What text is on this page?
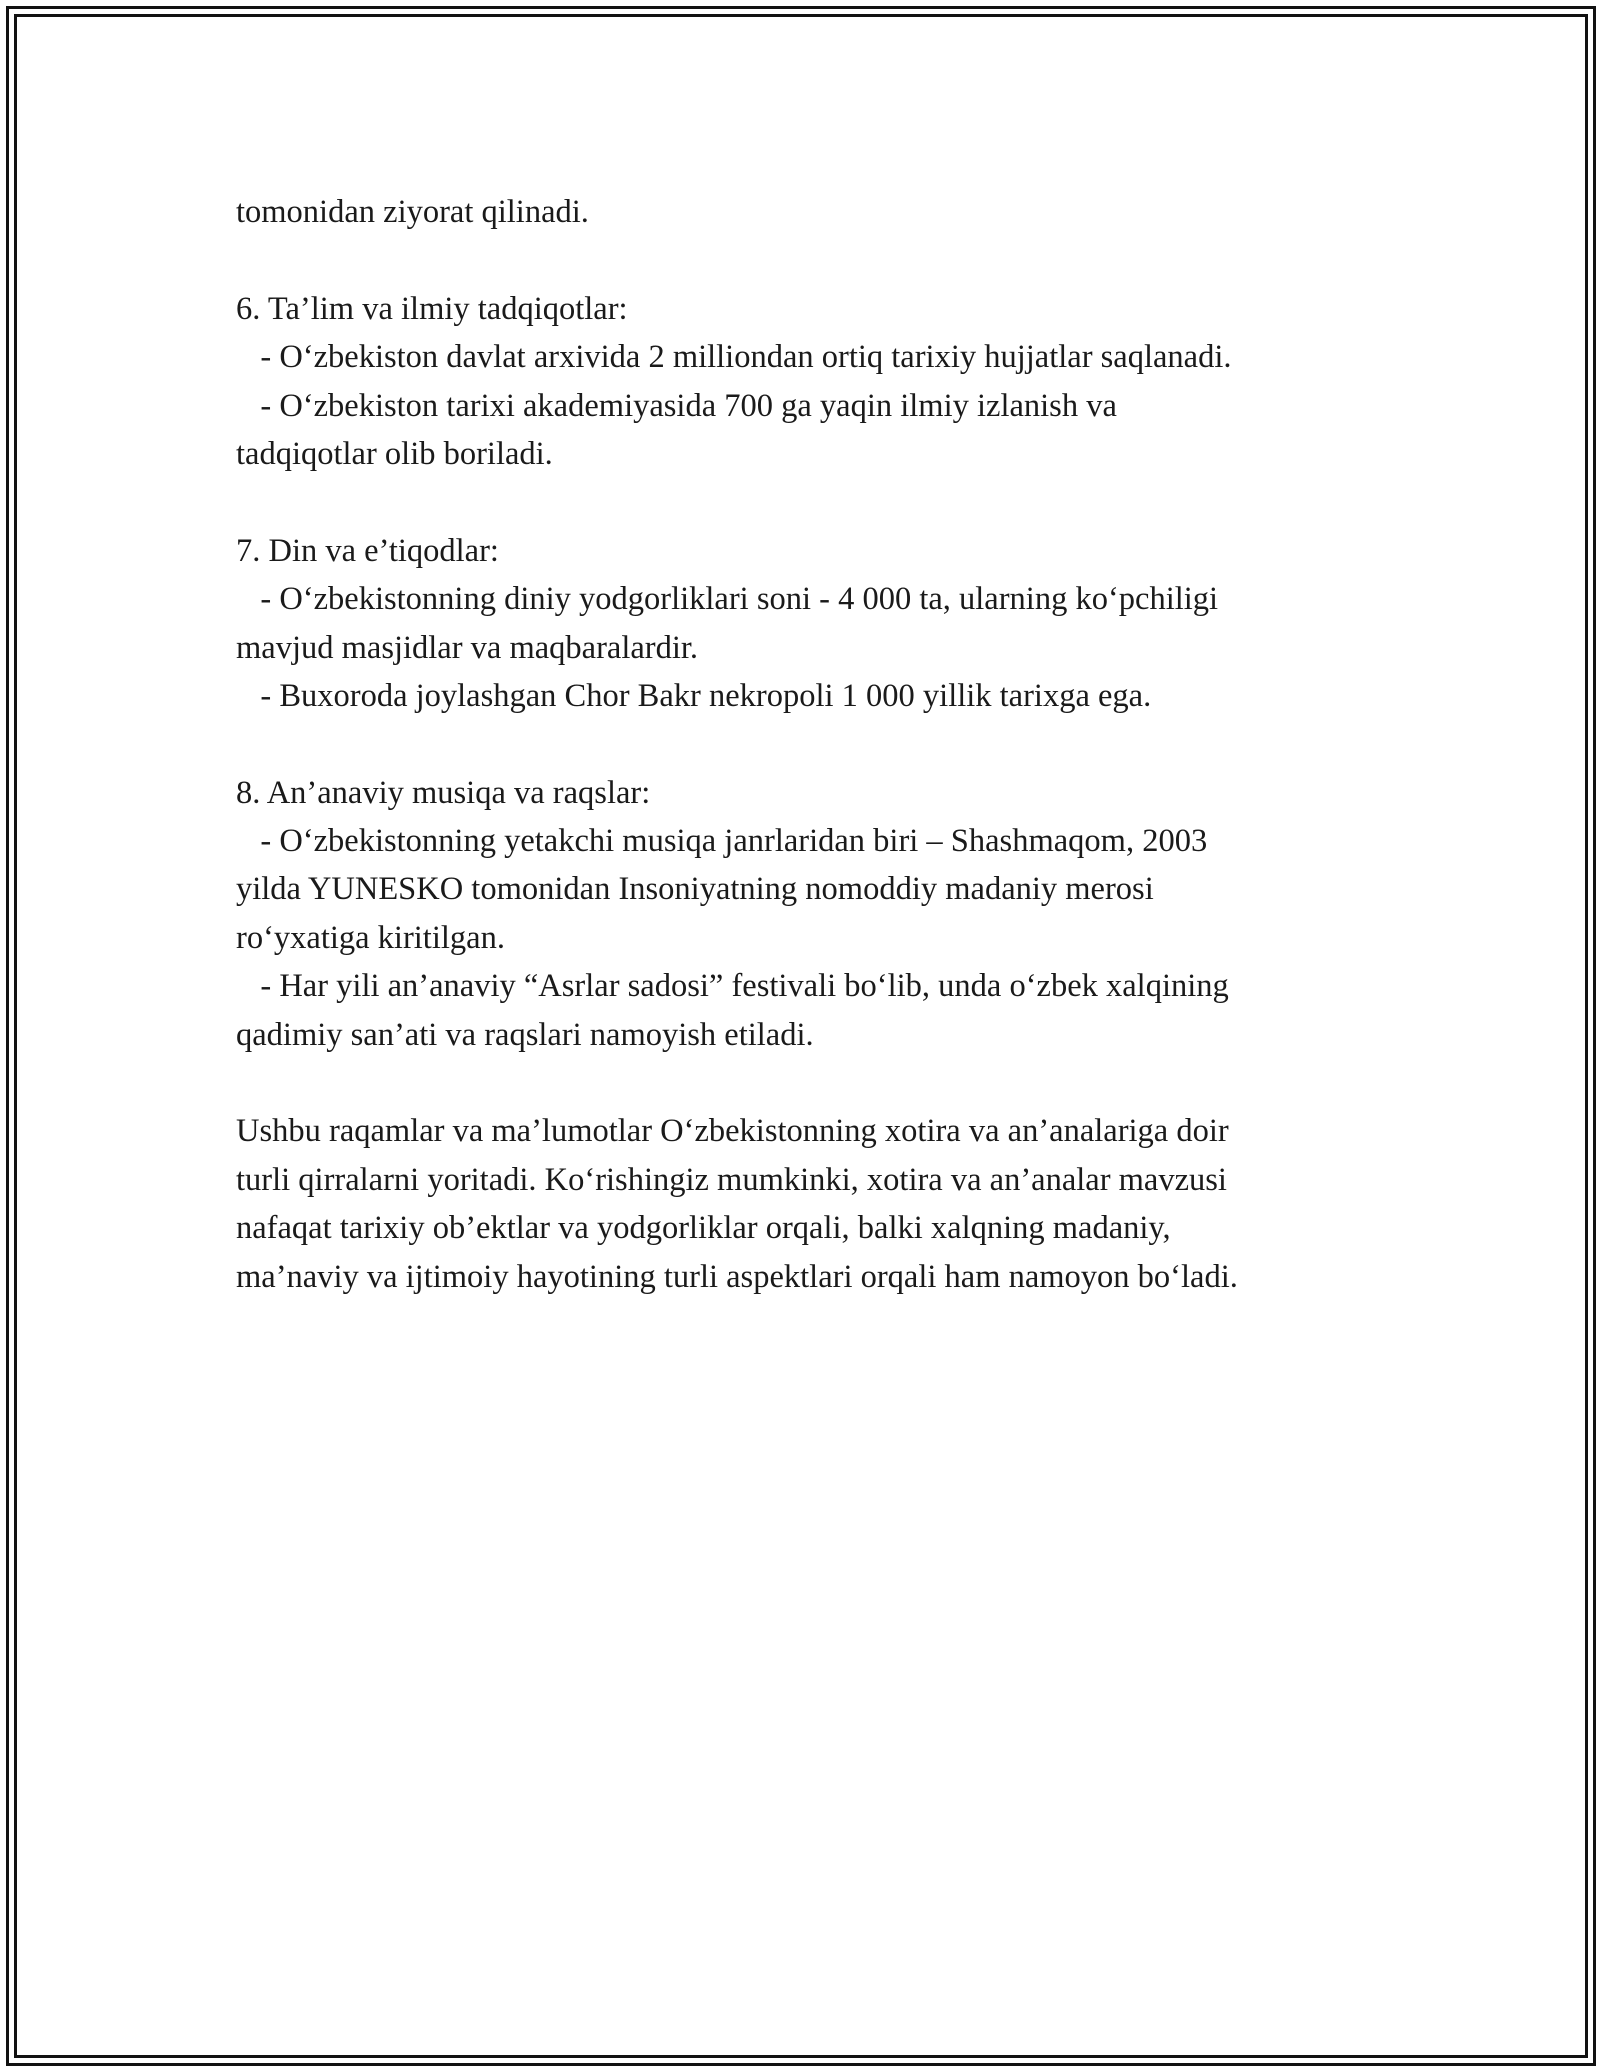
tomonidan ziyorat qilinadi.
6. Ta’lim va ilmiy tadqiqotlar:
- O‘zbekiston davlat arxivida 2 milliondan ortiq tarixiy hujjatlar saqlanadi.
- O‘zbekiston tarixi akademiyasida 700 ga yaqin ilmiy izlanish va
tadqiqotlar olib boriladi.
7. Din va e’tiqodlar:
- O‘zbekistonning diniy yodgorliklari soni - 4 000 ta, ularning ko‘pchiligi
mavjud masjidlar va maqbaralardir.
- Buxoroda joylashgan Chor Bakr nekropoli 1 000 yillik tarixga ega.
8. An’anaviy musiqa va raqslar:
- O‘zbekistonning yetakchi musiqa janrlaridan biri – Shashmaqom, 2003
yilda YUNESKO tomonidan Insoniyatning nomoddiy madaniy merosi
ro‘yxatiga kiritilgan.
- Har yili an’anaviy “Asrlar sadosi” festivali bo‘lib, unda o‘zbek xalqining
qadimiy san’ati va raqslari namoyish etiladi.
Ushbu raqamlar va ma’lumotlar O‘zbekistonning xotira va an’analariga doir
turli qirralarni yoritadi. Ko‘rishingiz mumkinki, xotira va an’analar mavzusi
nafaqat tarixiy ob’ektlar va yodgorliklar orqali, balki xalqning madaniy,
ma’naviy va ijtimoiy hayotining turli aspektlari orqali ham namoyon bo‘ladi.
